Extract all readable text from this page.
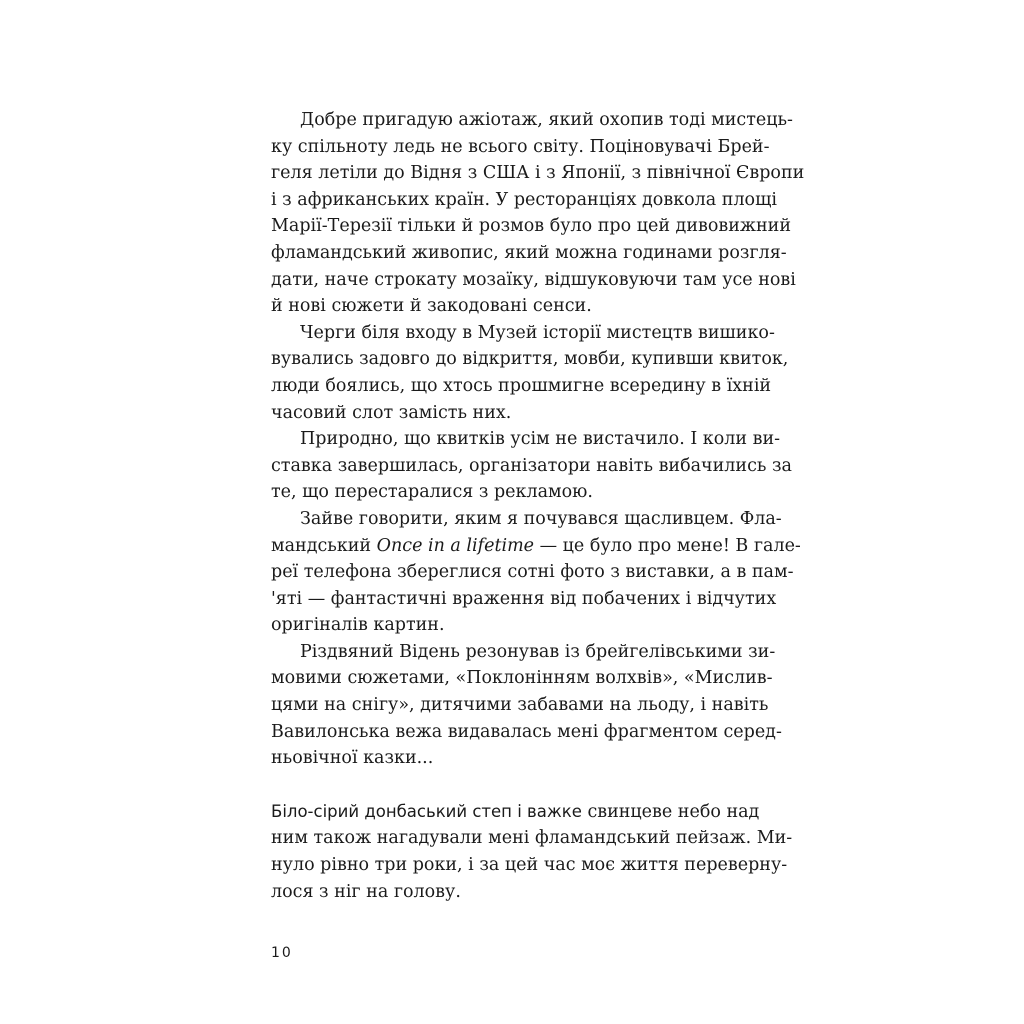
Добре пригадую ажіотаж, який охопив тоді мистець-
ку спільноту ледь не всього світу. Поціновувачі Брей-
геля летіли до Відня з США і з Японії, з північної Європи
і з африканських країн. У ресторанціях довкола площі
Марії-Терезії тільки й розмов було про цей дивовижний
фламандський живопис, який можна годинами розгля-
дати, наче строкату мозаїку, відшуковуючи там усе нові
й нові сюжети й закодовані сенси.
Черги біля входу в Музей історії мистецтв вишико-
вувались задовго до відкриття, мовби, купивши квиток,
люди боялись, що хтось прошмигне всередину в їхній
часовий слот замість них.
Природно, що квитків усім не вистачило. І коли ви-
ставка завершилась, організатори навіть вибачились за
те, що перестаралися з рекламою.
Зайве говорити, яким я почувався щасливцем. Фла-
мандський Once in a lifetime — це було про мене! В галe-
реї телефона збереглися сотні фото з виставки, а в пам-
'яті — фантастичні враження від побачених і відчутих
оригіналів картин.
Різдвяний Відень резонував із брейгелівськими зи-
мовими сюжетами, «Поклонінням волхвів», «Мислив-
цями на снігу», дитячими забавами на льоду, і навіть
Вавилонська вежа видавалась мені фрагментом серед-
ньовічної казки...
Біло-сірий донбаський степ і важке свинцеве небо над
ним також нагадували мені фламандський пейзаж. Ми-
нуло рівно три роки, і за цей час моє життя переверну-
лося з ніг на голову.
10
